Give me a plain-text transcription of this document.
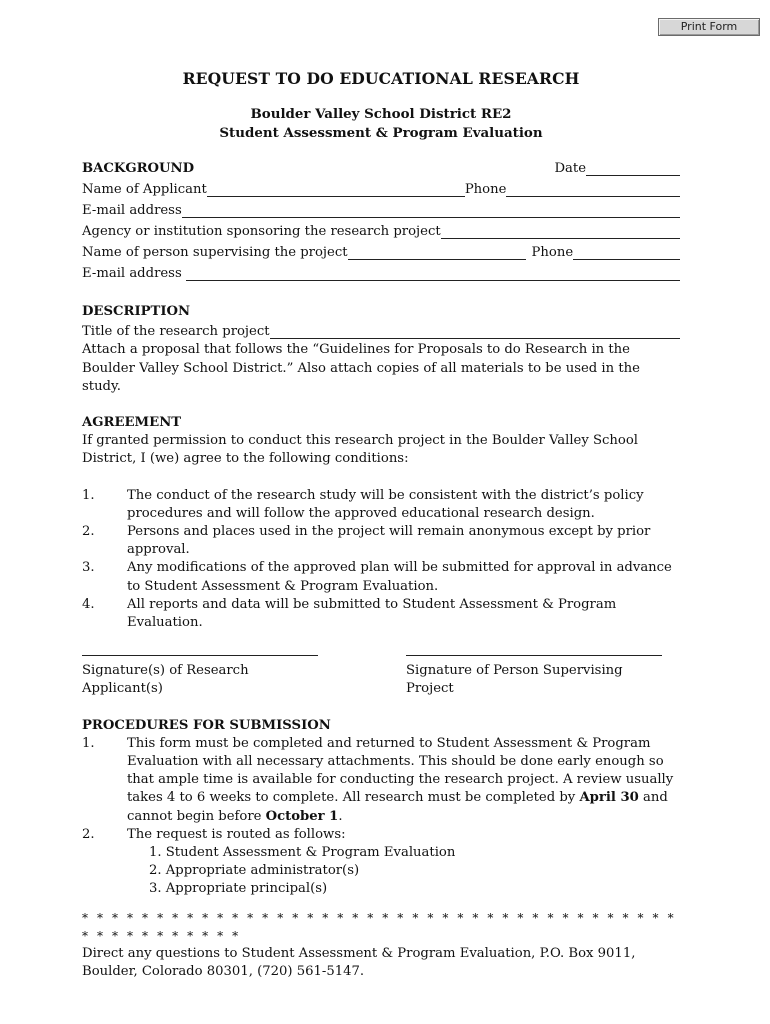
Print Form
REQUEST TO DO EDUCATIONAL RESEARCH
Boulder Valley School District RE2
Student Assessment & Program Evaluation
BACKGROUND	Date
Name of Applicant	Phone
E-mail address
Agency or institution sponsoring the research project
Name of person supervising the project	Phone
E-mail address
DESCRIPTION
Title of the research project

Attach a proposal that follows the “Guidelines for Proposals to do Research in the Boulder Valley School District.” Also attach copies of all materials to be used in the study.

AGREEMENT

If granted permission to conduct this research project in the Boulder Valley School District, I (we) agree to the following conditions:

1.	The conduct of the research study will be consistent with the district’s policy procedures and will follow the approved educational research design.
2.	Persons and places used in the project will remain anonymous except by prior approval.
3.	Any modifications of the approved plan will be submitted for approval in advance to Student Assessment & Program Evaluation.
4.	All reports and data will be submitted to Student Assessment & Program Evaluation.
Signature(s) of Research Applicant(s)
Signature of Person Supervising Project
PROCEDURES FOR SUBMISSION
1.	This form must be completed and returned to Student Assessment & Program Evaluation with all necessary attachments. This should be done early enough so that ample time is available for conducting the research project. A review usually takes 4 to 6 weeks to complete. All research must be completed by April 30 and cannot begin before October 1.
2.	The request is routed as follows:
1. Student Assessment & Program Evaluation
2. Appropriate administrator(s)
3. Appropriate principal(s)
* * * * * * * * * * * * * * * * * * * * * * * * * * * * * * * * * * * * * * * * * * * * * * * * * * *

Direct any questions to Student Assessment & Program Evaluation, P.O. Box 9011, Boulder, Colorado 80301, (720) 561-5147.
